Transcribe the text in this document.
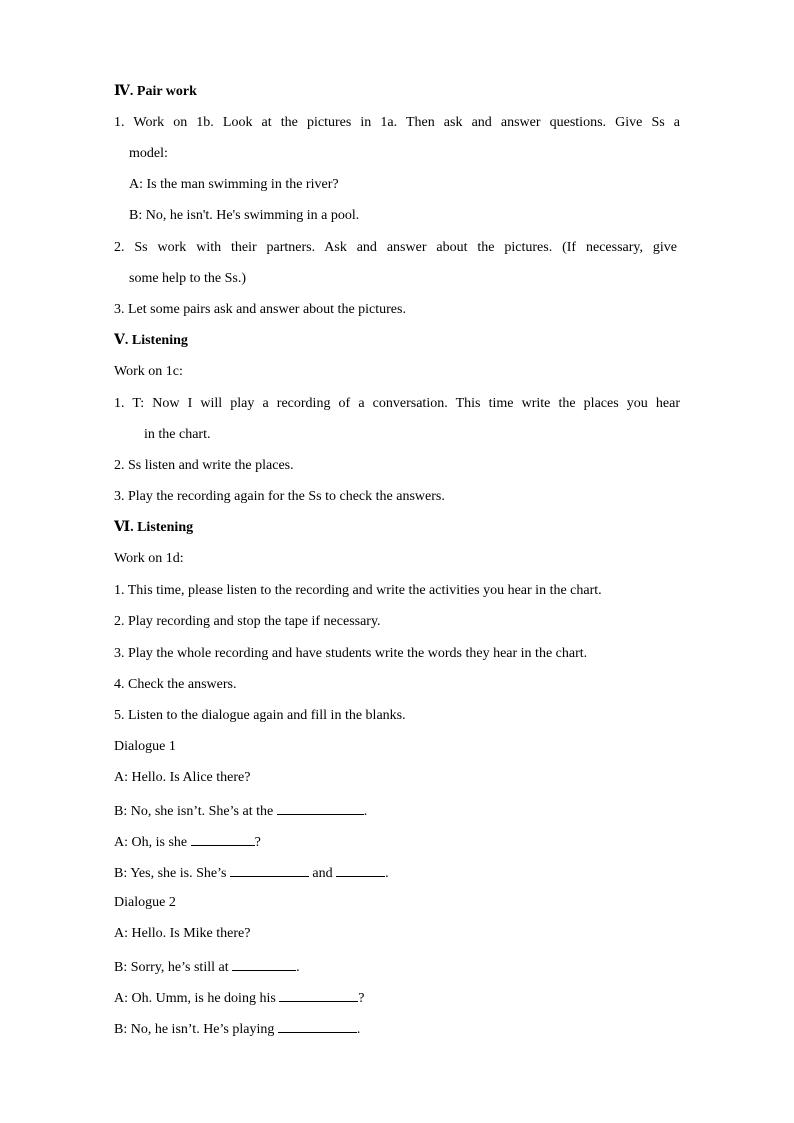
Ⅳ. Pair work
1. Work on 1b. Look at the pictures in 1a. Then ask and answer questions. Give Ss a
model:
A: Is the man swimming in the river?
B: No, he isn't. He's swimming in a pool.
2. Ss work with their partners. Ask and answer about the pictures. (If necessary, give
some help to the Ss.)
3. Let some pairs ask and answer about the pictures.
Ⅴ. Listening
Work on 1c:
1. T: Now I will play a recording of a conversation. This time write the places you hear
in the chart.
2. Ss listen and write the places.
3. Play the recording again for the Ss to check the answers.
Ⅵ. Listening
Work on 1d:
1. This time, please listen to the recording and write the activities you hear in the chart.
2. Play recording and stop the tape if necessary.
3. Play the whole recording and have students write the words they hear in the chart.
4. Check the answers.
5. Listen to the dialogue again and fill in the blanks.
Dialogue 1
A: Hello. Is Alice there?
B: No, she isn’t. She’s at the	.
A: Oh, is she	?
B: Yes, she is. She’s	and	.
Dialogue 2
A: Hello. Is Mike there?
B: Sorry, he’s still at	.
A: Oh. Umm, is he doing his	?
B: No, he isn’t. He’s playing	.
